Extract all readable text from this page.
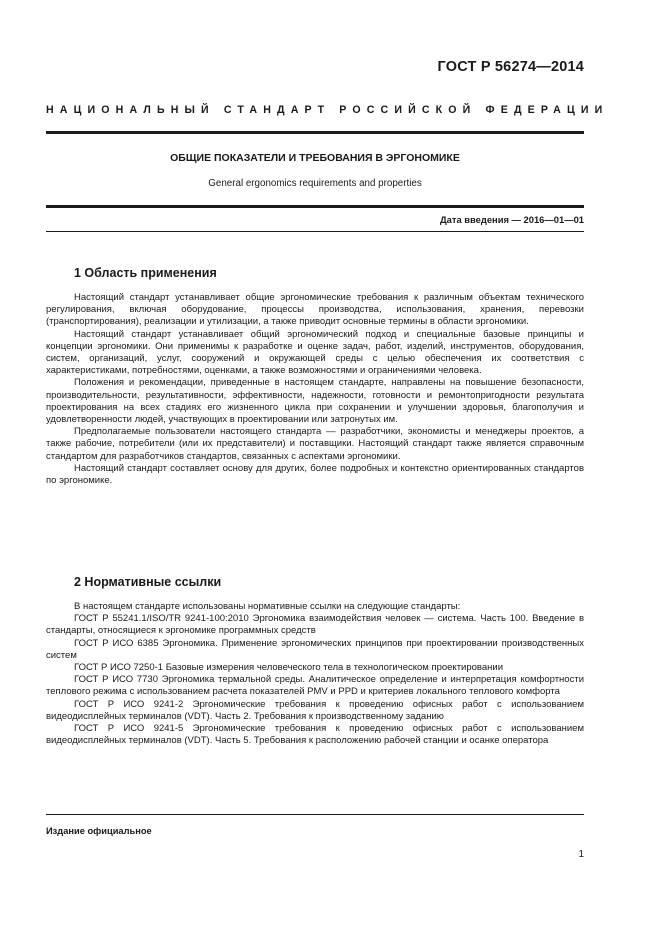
ГОСТ Р 56274—2014
НАЦИОНАЛЬНЫЙ СТАНДАРТ РОССИЙСКОЙ ФЕДЕРАЦИИ
ОБЩИЕ ПОКАЗАТЕЛИ И ТРЕБОВАНИЯ В ЭРГОНОМИКЕ
General ergonomics requirements and properties
Дата введения — 2016—01—01
1 Область применения

Настоящий стандарт устанавливает общие эргономические требования к различным объектам технического регулирования, включая оборудование, процессы производства, использования, хранения, перевозки (транспортирования), реализации и утилизации, а также приводит основные термины в области эргономики.

Настоящий стандарт устанавливает общий эргономический подход и специальные базовые принципы и концепции эргономики. Они применимы к разработке и оценке задач, работ, изделий, инструментов, оборудования, систем, организаций, услуг, сооружений и окружающей среды с целью обеспечения их соответствия с характеристиками, потребностями, оценками, а также возможностями и ограничениями человека.

Положения и рекомендации, приведенные в настоящем стандарте, направлены на повышение безопасности, производительности, результативности, эффективности, надежности, готовности и ремонтопригодности результата проектирования на всех стадиях его жизненного цикла при сохранении и улучшении здоровья, благополучия и удовлетворенности людей, участвующих в проектировании или затронутых им.

Предполагаемые пользователи настоящего стандарта — разработчики, экономисты и менеджеры проектов, а также рабочие, потребители (или их представители) и поставщики. Настоящий стандарт также является справочным стандартом для разработчиков стандартов, связанных с аспектами эргономики.

Настоящий стандарт составляет основу для других, более подробных и контекстно ориентированных стандартов по эргономике.

2 Нормативные ссылки

В настоящем стандарте использованы нормативные ссылки на следующие стандарты:

ГОСТ Р 55241.1/ISO/TR 9241-100:2010 Эргономика взаимодействия человек — система. Часть 100. Введение в стандарты, относящиеся к эргономике программных средств

ГОСТ Р ИСО 6385 Эргономика. Применение эргономических принципов при проектировании производственных систем

ГОСТ Р ИСО 7250-1 Базовые измерения человеческого тела в технологическом проектировании

ГОСТ Р ИСО 7730 Эргономика термальной среды. Аналитическое определение и интерпретация комфортности теплового режима с использованием расчета показателей PMV и PPD и критериев локального теплового комфорта

ГОСТ Р ИСО 9241-2 Эргономические требования к проведению офисных работ с использованием видеодисплейных терминалов (VDT). Часть 2. Требования к производственному заданию

ГОСТ Р ИСО 9241-5 Эргономические требования к проведению офисных работ с использованием видеодисплейных терминалов (VDT). Часть 5. Требования к расположению рабочей станции и осанке оператора

Издание официальное
1
